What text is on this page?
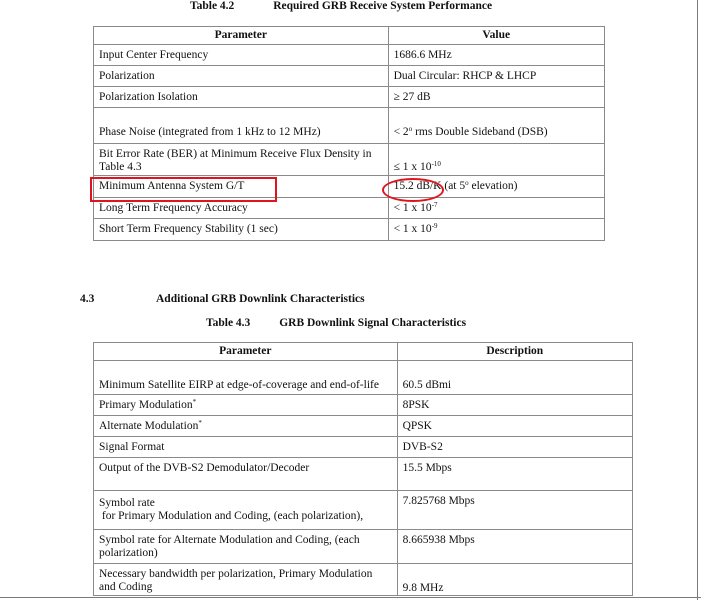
Table 4.2	Required GRB Receive System Performance
Parameter	Value
Input Center Frequency	1686.6 MHz
Polarization	Dual Circular: RHCP & LHCP
Polarization Isolation	≥ 27 dB
Phase Noise (integrated from 1 kHz to 12 MHz)	< $2^o$ rms Double Sideband (DSB)
Bit Error Rate (BER) at Minimum Receive Flux Density in Table 4.3	≤ 1 x $10^{-10}$
Minimum Antenna System G/T	15.2 dB/K (at 5$^o$ elevation)
Long Term Frequency Accuracy	< 1 x $10^{-7}$
Short Term Frequency Stability (1 sec)	< 1 x $10^{-9}$
4.3	Additional GRB Downlink Characteristics
Table 4.3	GRB Downlink Signal Characteristics
Parameter	Description
Minimum Satellite EIRP at edge-of-coverage and end-of-life	60.5 dBmi
Primary Modulation*	8PSK
Alternate Modulation*	QPSK
Signal Format	DVB-S2
Output of the DVB-S2 Demodulator/Decoder	15.5 Mbps

Symbol rate
for Primary Modulation and Coding, (each polarization),	7.825768 Mbps
Symbol rate for Alternate Modulation and Coding, (each polarization)	8.665938 Mbps
Necessary bandwidth per polarization, Primary Modulation and Coding	9.8 MHz
